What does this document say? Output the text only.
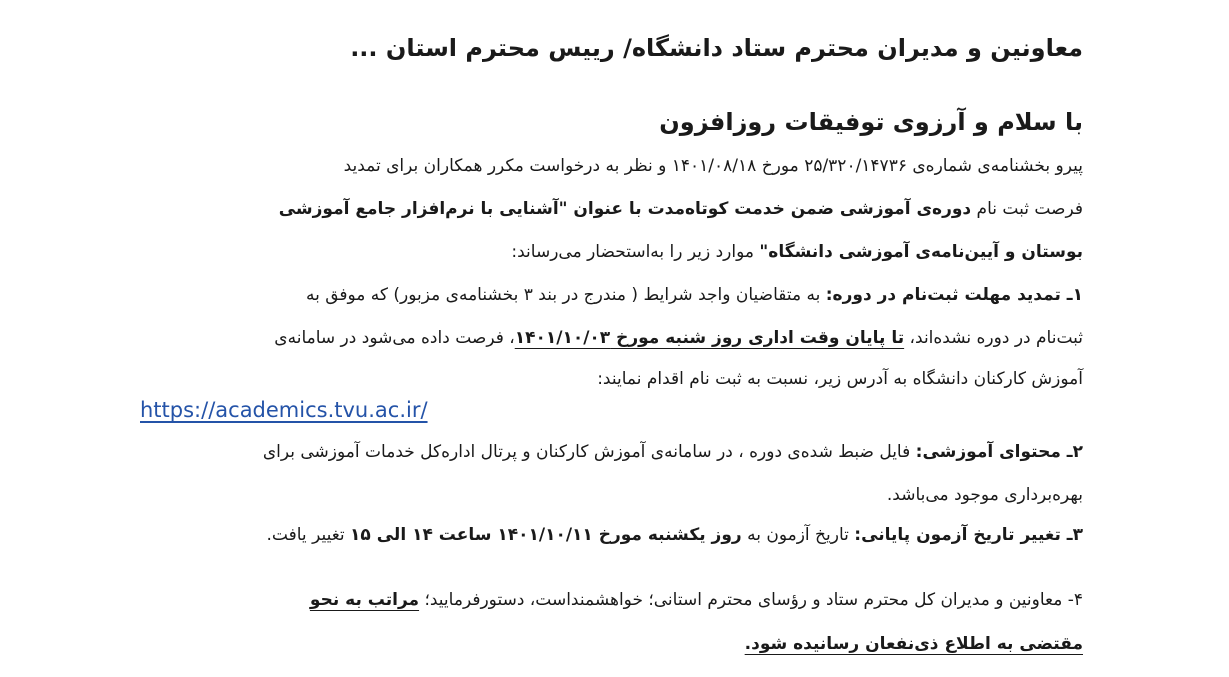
معاونین و مدیران محترم ستاد دانشگاه/ رییس محترم استان ...
با سلام و آرزوی توفیقات روزافزون
پیرو بخشنامه‌ی شماره‌ی ۲۵/۳۲۰/۱۴۷۳۶ مورخ ۱۴۰۱/۰۸/۱۸ و نظر به درخواست مکرر همکاران برای تمدید
فرصت ثبت نام دوره‌ی آموزشی ضمن خدمت کوتاه‌مدت با عنوان "آشنایی با نرم‌افزار جامع آموزشی
بوستان و آیین‌نامه‌ی آموزشی دانشگاه" موارد زیر را به‌استحضار می‌رساند:
۱ـ تمدید مهلت ثبت‌نام در دوره: به متقاضیان واجد شرایط ( مندرج در بند ۳ بخشنامه‌ی مزبور) که موفق به
ثبت‌نام در دوره نشده‌اند، تا پایان وقت اداری روز شنبه مورخ ۱۴۰۱/۱۰/۰۳، فرصت داده می‌شود در سامانه‌ی
آموزش کارکنان دانشگاه به آدرس زیر، نسبت به ثبت نام اقدام نمایند:
https://academics.tvu.ac.ir/
۲ـ محتوای آموزشی: فایل ضبط شده‌ی دوره ، در سامانه‌ی آموزش کارکنان و پرتال اداره‌کل خدمات آموزشی برای
بهره‌برداری موجود می‌باشد.
۳ـ تغییر تاریخ آزمون پایانی: تاریخ آزمون به روز یکشنبه مورخ ۱۴۰۱/۱۰/۱۱ ساعت ۱۴ الی ۱۵ تغییر یافت.
۴- معاونین و مدیران کل محترم ستاد و رؤسای محترم استانی؛ خواهشمنداست، دستورفرمایید؛ مراتب به نحو
مقتضی به اطلاع ذی‌نفعان رسانیده شود.
